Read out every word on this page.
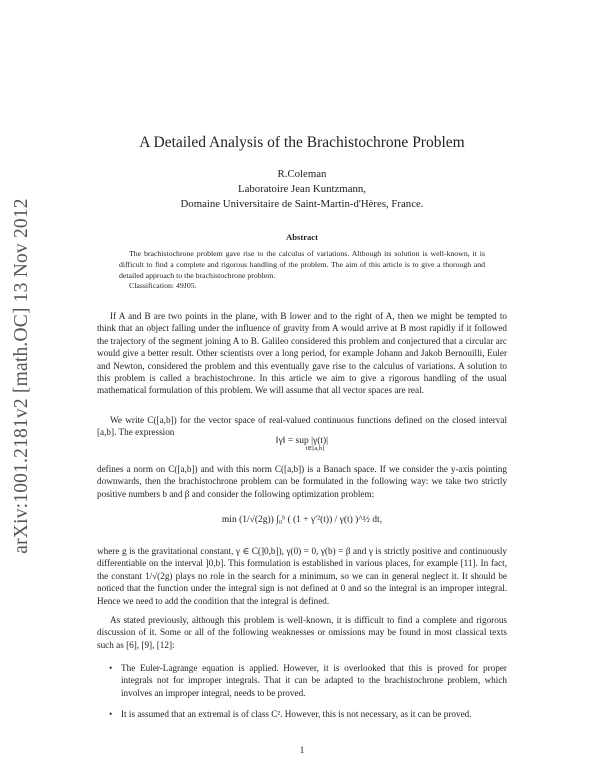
arXiv:1001.2181v2 [math.OC] 13 Nov 2012
A Detailed Analysis of the Brachistochrone Problem
R.Coleman
Laboratoire Jean Kuntzmann,
Domaine Universitaire de Saint-Martin-d'Hères, France.
Abstract
The brachistochrone problem gave rise to the calculus of variations. Although its solution is well-known, it is difficult to find a complete and rigorous handling of the problem. The aim of this article is to give a thorough and detailed approach to the brachistochrone problem.
Classification: 49J05.

If A and B are two points in the plane, with B lower and to the right of A, then we might be tempted to think that an object falling under the influence of gravity from A would arrive at B most rapidly if it followed the trajectory of the segment joining A to B. Galileo considered this problem and conjectured that a circular arc would give a better result. Other scientists over a long period, for example Johann and Jakob Bernouilli, Euler and Newton, considered the problem and this eventually gave rise to the calculus of variations. A solution to this problem is called a brachistochrone. In this article we aim to give a rigorous handling of the usual mathematical formulation of this problem. We will assume that all vector spaces are real.

We write C([a,b]) for the vector space of real-valued continuous functions defined on the closed interval [a,b]. The expression

‖γ‖ = sup |γ(t)|
t∈[a,b]

defines a norm on C([a,b]) and with this norm C([a,b]) is a Banach space. If we consider the y-axis pointing downwards, then the brachistochrone problem can be formulated in the following way: we take two strictly positive numbers b and β and consider the following optimization problem:

min (1/√(2g)) ∫₀ᵇ ( (1 + γ′²(t)) / γ(t) )^½ dt,

where g is the gravitational constant, γ ∈ C(]0,b]), γ(0) = 0, γ(b) = β and γ is strictly positive and continuously differentiable on the interval ]0,b]. This formulation is established in various places, for example [11]. In fact, the constant 1/√(2g) plays no role in the search for a minimum, so we can in general neglect it. It should be noticed that the function under the integral sign is not defined at 0 and so the integral is an improper integral. Hence we need to add the condition that the integral is defined.

As stated previously, although this problem is well-known, it is difficult to find a complete and rigorous discussion of it. Some or all of the following weaknesses or omissions may be found in most classical texts such as [6], [9], [12]:

• The Euler-Lagrange equation is applied. However, it is overlooked that this is proved for proper integrals not for improper integrals. That it can be adapted to the brachistochrone problem, which involves an improper integral, needs to be proved.
• It is assumed that an extremal is of class C². However, this is not necessary, as it can be proved.
1
